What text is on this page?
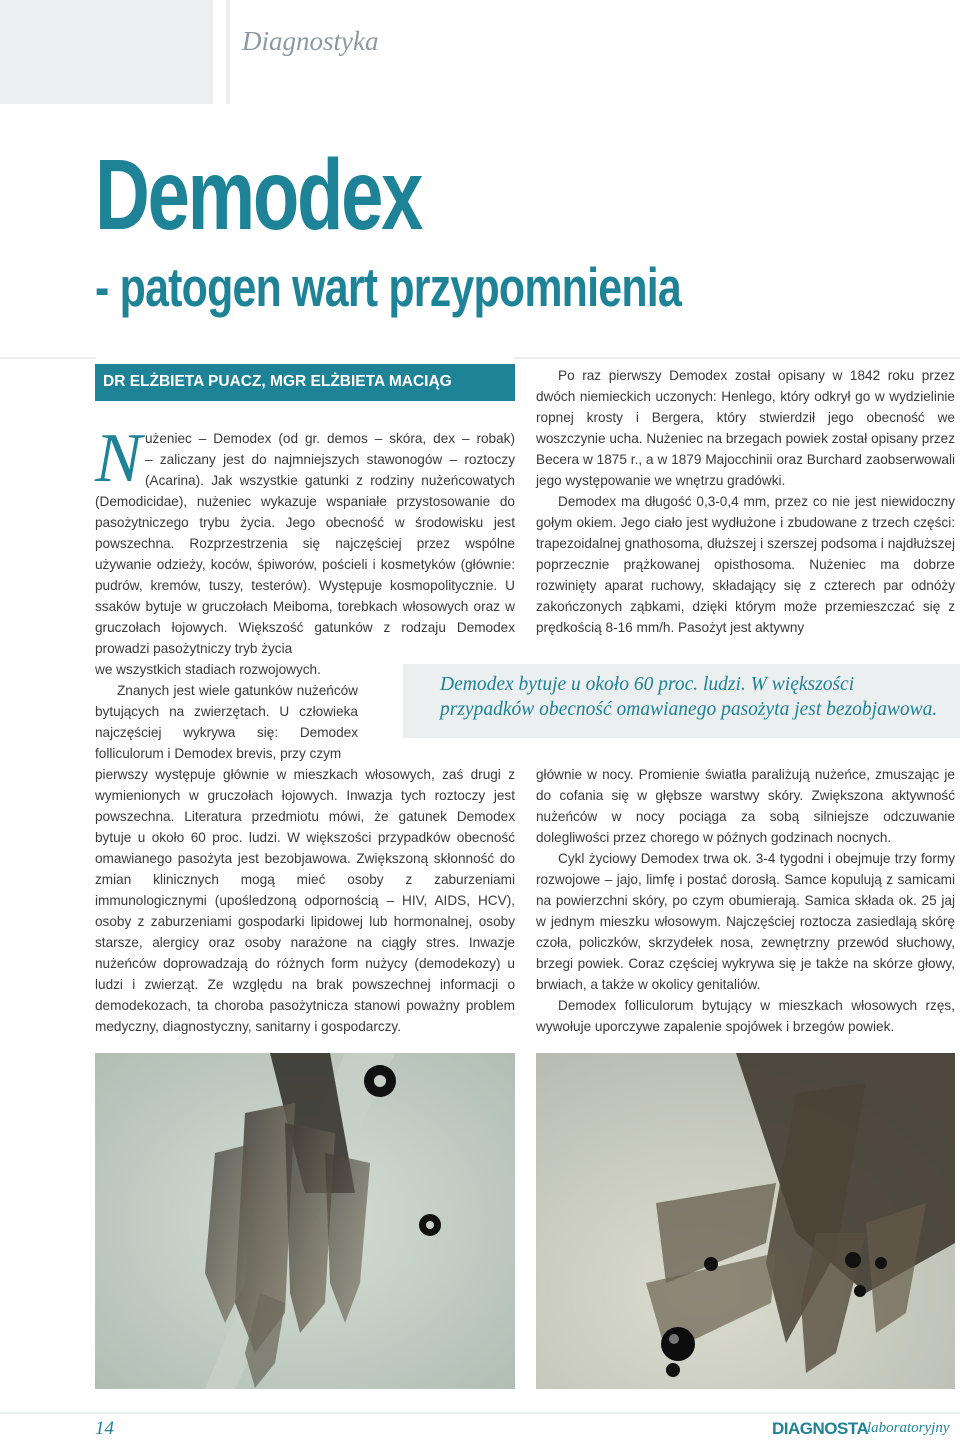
Diagnostyka
Demodex
- patogen wart przypomnienia
DR ELŻBIETA PUACZ, MGR ELŻBIETA MACIĄG
N użeniec – Demodex (od gr. demos – skóra, dex – robak)

– zaliczany jest do najmniejszych stawonogów – roztoczy

(Acarina). Jak wszystkie gatunki z rodziny nużeńcowatych

(Demodicidae), nużeniec wykazuje wspaniałe przystosowanie do pasożytniczego trybu życia. Jego obecność w środowisku jest powszechna. Rozprzestrzenia się najczęściej przez wspólne używanie odzieży, koców, śpiworów, pościeli i kosmetyków (głównie: pudrów, kremów, tuszy, testerów). Występuje kosmopolitycznie. U ssaków bytuje w gruczołach Meiboma, torebkach włosowych oraz w gruczołach łojowych. Większość gatunków z rodzaju Demodex prowadzi pasożytniczy tryb życia

we wszystkich stadiach rozwojowych.

Znanych jest wiele gatunków nużeńców bytujących na zwierzętach. U człowieka najczęściej wykrywa się: Demodex folliculorum i Demodex brevis, przy czym

pierwszy występuje głównie w mieszkach włosowych, zaś drugi z wymienionych w gruczołach łojowych. Inwazja tych roztoczy jest powszechna. Literatura przedmiotu mówi, że gatunek Demodex bytuje u około 60 proc. ludzi. W większości przypadków obecność omawianego pasożyta jest bezobjawowa. Zwiększoną skłonność do zmian klinicznych mogą mieć osoby z zaburzeniami immunologicznymi (upośledzoną odpornością – HIV, AIDS, HCV), osoby z zaburzeniami gospodarki lipidowej lub hormonalnej, osoby starsze, alergicy oraz osoby narażone na ciągły stres. Inwazje nużeńców doprowadzają do różnych form nużycy (demodekozy) u ludzi i zwierząt. Ze względu na brak powszechnej informacji o demodekozach, ta choroba pasożytnicza stanowi poważny problem medyczny, diagnostyczny, sanitarny i gospodarczy.

Po raz pierwszy Demodex został opisany w 1842 roku przez dwóch niemieckich uczonych: Henlego, który odkrył go w wydzielinie ropnej krosty i Bergera, który stwierdził jego obecność we woszczynie ucha. Nużeniec na brzegach powiek został opisany przez Becera w 1875 r., a w 1879 Majocchinii oraz Burchard zaobserwowali jego występowanie we wnętrzu gradówki.

Demodex ma długość 0,3-0,4 mm, przez co nie jest niewidoczny gołym okiem. Jego ciało jest wydłużone i zbudowane z trzech części: trapezoidalnej gnathosoma, dłuższej i szerszej podsoma i najdłuższej poprzecznie prążkowanej opisthosoma. Nużeniec ma dobrze rozwinięty aparat ruchowy, składający się z czterech par odnóży zakończonych ząbkami, dzięki którym może przemieszczać się z prędkością 8-16 mm/h. Pasożyt jest aktywny

Demodex bytuje u około 60 proc. ludzi. W większości przypadków obecność omawianego pasożyta jest bezobjawowa.

głównie w nocy. Promienie światła paraliżują nużeńce, zmuszając je do cofania się w głębsze warstwy skóry. Zwiększona aktywność nużeńców w nocy pociąga za sobą silniejsze odczuwanie dolegliwości przez chorego w późnych godzinach nocnych.

Cykl życiowy Demodex trwa ok. 3-4 tygodni i obejmuje trzy formy rozwojowe – jajo, limfę i postać dorosłą. Samce kopulują z samicami na powierzchni skóry, po czym obumierają. Samica składa ok. 25 jaj w jednym mieszku włosowym. Najczęściej roztocza zasiedlają skórę czoła, policzków, skrzydełek nosa, zewnętrzny przewód słuchowy, brzegi powiek. Coraz częściej wykrywa się je także na skórze głowy, brwiach, a także w okolicy genitaliów.

Demodex folliculorum bytujący w mieszkach włosowych rzęs, wywołuje uporczywe zapalenie spojówek i brzegów powiek.

14	DIAGNOSTA
laboratoryjny
